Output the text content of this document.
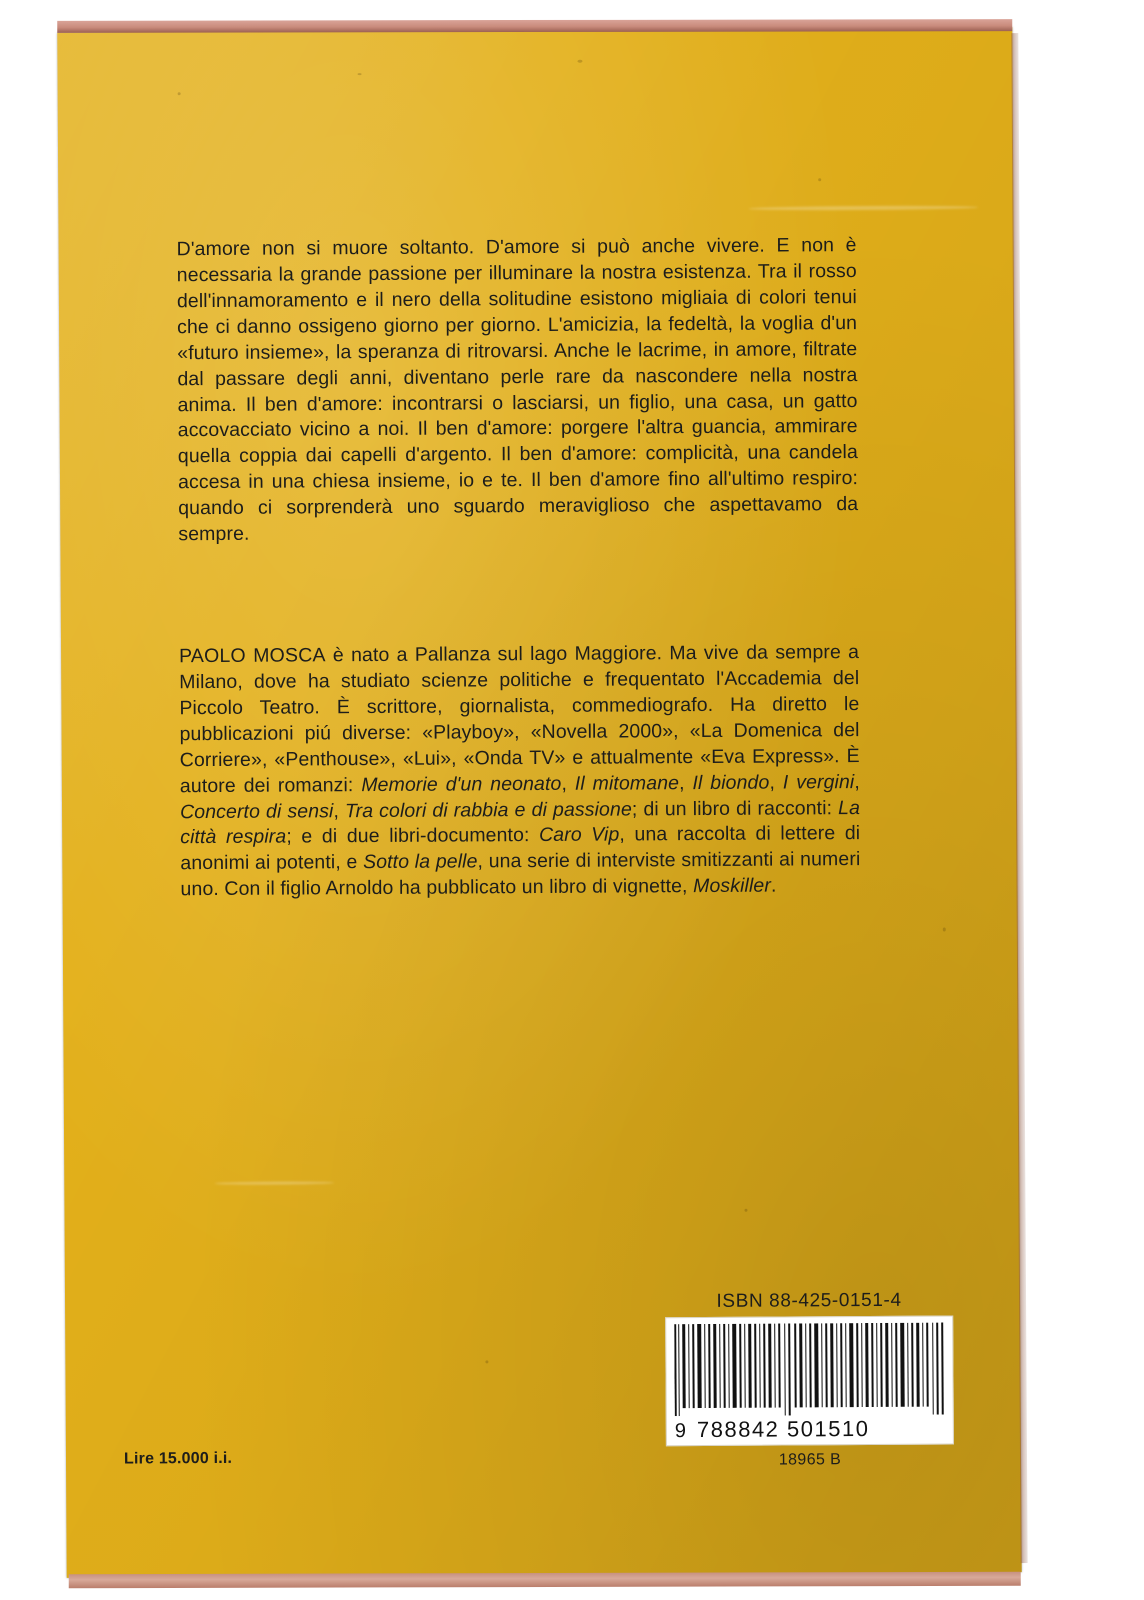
D'amore non si muore soltanto. D'amore si può anche vivere. E non è necessaria la grande passione per illuminare la nostra esistenza. Tra il rosso dell'innamoramento e il nero della solitudine esistono migliaia di colori tenui che ci danno ossigeno giorno per giorno. L'amicizia, la fedeltà, la voglia d'un «futuro insieme», la speranza di ritrovarsi. Anche le lacrime, in amore, filtrate dal passare degli anni, diventano perle rare da nascondere nella nostra anima. Il ben d'amore: incontrarsi o lasciarsi, un figlio, una casa, un gatto accovacciato vicino a noi. Il ben d'amore: porgere l'altra guancia, ammirare quella coppia dai capelli d'argento. Il ben d'amore: complicità, una candela accesa in una chiesa insieme, io e te. Il ben d'amore fino all'ultimo respiro: quando ci sorprenderà uno sguardo meraviglioso che aspettavamo da sempre.
PAOLO MOSCA è nato a Pallanza sul lago Maggiore. Ma vive da sempre a Milano, dove ha studiato scienze politiche e frequentato l'Accademia del Piccolo Teatro. È scrittore, giornalista, commediografo. Ha diretto le pubblicazioni piú diverse: «Playboy», «Novella 2000», «La Domenica del Corriere», «Penthouse», «Lui», «Onda TV» e attualmente «Eva Express». È autore dei romanzi: Memorie d'un neonato, Il mitomane, Il biondo, I vergini, Concerto di sensi, Tra colori di rabbia e di passione; di un libro di racconti: La città respira; e di due libri-documento: Caro Vip, una raccolta di lettere di anonimi ai potenti, e Sotto la pelle, una serie di interviste smitizzanti ai numeri uno. Con il figlio Arnoldo ha pubblicato un libro di vignette, Moskiller.
Lire 15.000 i.i.
ISBN 88-425-0151-4
9 788842 501510
18965 B
